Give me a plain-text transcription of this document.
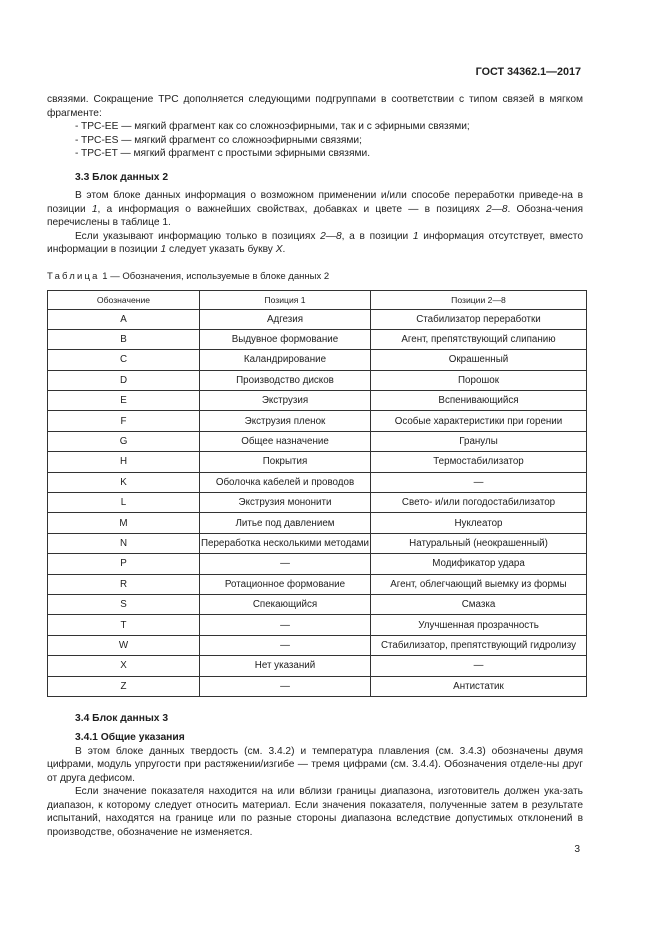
ГОСТ 34362.1—2017

связями. Сокращение TPC дополняется следующими подгруппами в соответствии с типом связей в мягком фрагменте:

- TPC-EE — мягкий фрагмент как со сложноэфирными, так и с эфирными связями;
- TPC-ES — мягкий фрагмент со сложноэфирными связями;
- TPC-ET — мягкий фрагмент с простыми эфирными связями.
3.3 Блок данных 2

В этом блоке данных информация о возможном применении и/или способе переработки приведе-на в позиции 1, а информация о важнейших свойствах, добавках и цвете — в позициях 2—8. Обозна-чения перечислены в таблице 1.

Если указывают информацию только в позициях 2—8, а в позиции 1 информация отсутствует, вместо информации в позиции 1 следует указать букву X.

Таблица 1 — Обозначения, используемые в блоке данных 2

Обозначение	Позиция 1	Позиции 2—8
A	Адгезия	Стабилизатор переработки
B	Выдувное формование	Агент, препятствующий слипанию
C	Каландрирование	Окрашенный
D	Производство дисков	Порошок
E	Экструзия	Вспенивающийся
F	Экструзия пленок	Особые характеристики при горении
G	Общее назначение	Гранулы
H	Покрытия	Термостабилизатор
K	Оболочка кабелей и проводов	—
L	Экструзия мононити	Свето- и/или погодостабилизатор
M	Литье под давлением	Нуклеатор
N	Переработка несколькими методами	Натуральный (неокрашенный)
P	—	Модификатор удара
R	Ротационное формование	Агент, облегчающий выемку из формы
S	Спекающийся	Смазка
T	—	Улучшенная прозрачность
W	—	Стабилизатор, препятствующий гидролизу
X	Нет указаний	—
Z	—	Антистатик
3.4 Блок данных 3
3.4.1 Общие указания

В этом блоке данных твердость (см. 3.4.2) и температура плавления (см. 3.4.3) обозначены двумя цифрами, модуль упругости при растяжении/изгибе — тремя цифрами (см. 3.4.4). Обозначения отделе-ны друг от друга дефисом.

Если значение показателя находится на или вблизи границы диапазона, изготовитель должен ука-зать диапазон, к которому следует относить материал. Если значения показателя, полученные затем в результате испытаний, находятся на границе или по разные стороны диапазона вследствие допустимых отклонений в производстве, обозначение не изменяется.

3
